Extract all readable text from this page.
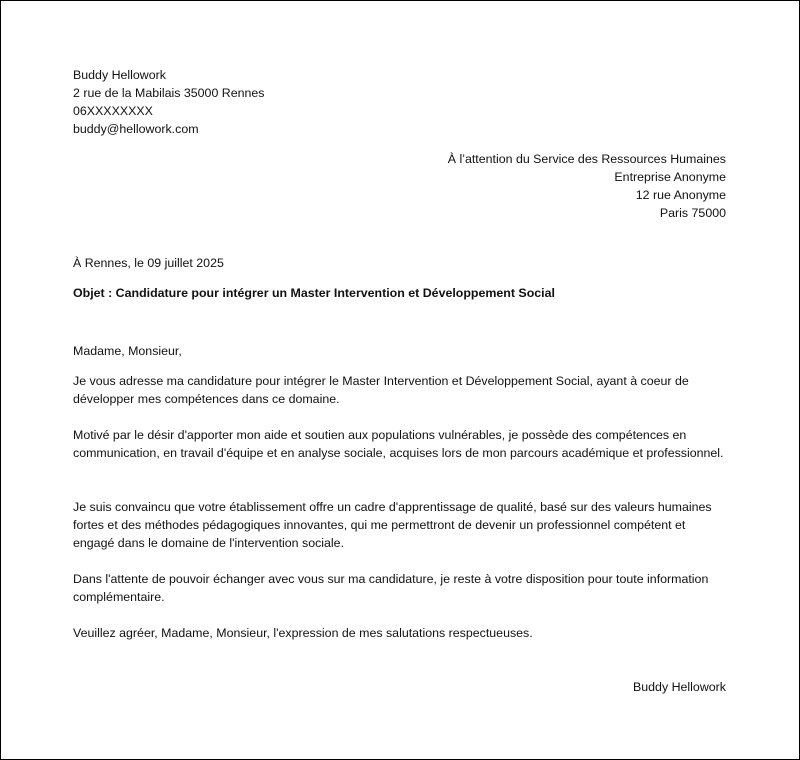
Buddy Hellowork
2 rue de la Mabilais 35000 Rennes
06XXXXXXXX
buddy@hellowork.com
À l’attention du Service des Ressources Humaines
Entreprise Anonyme
12 rue Anonyme
Paris 75000
À Rennes, le 09 juillet 2025
Objet : Candidature pour intégrer un Master Intervention et Développement Social

Madame, Monsieur,

Je vous adresse ma candidature pour intégrer le Master Intervention et Développement Social, ayant à coeur de développer mes compétences dans ce domaine.

Motivé par le désir d'apporter mon aide et soutien aux populations vulnérables, je possède des compétences en communication, en travail d'équipe et en analyse sociale, acquises lors de mon parcours académique et professionnel.

Je suis convaincu que votre établissement offre un cadre d'apprentissage de qualité, basé sur des valeurs humaines fortes et des méthodes pédagogiques innovantes, qui me permettront de devenir un professionnel compétent et engagé dans le domaine de l'intervention sociale.

Dans l'attente de pouvoir échanger avec vous sur ma candidature, je reste à votre disposition pour toute information complémentaire.

Veuillez agréer, Madame, Monsieur, l'expression de mes salutations respectueuses.

Buddy Hellowork
